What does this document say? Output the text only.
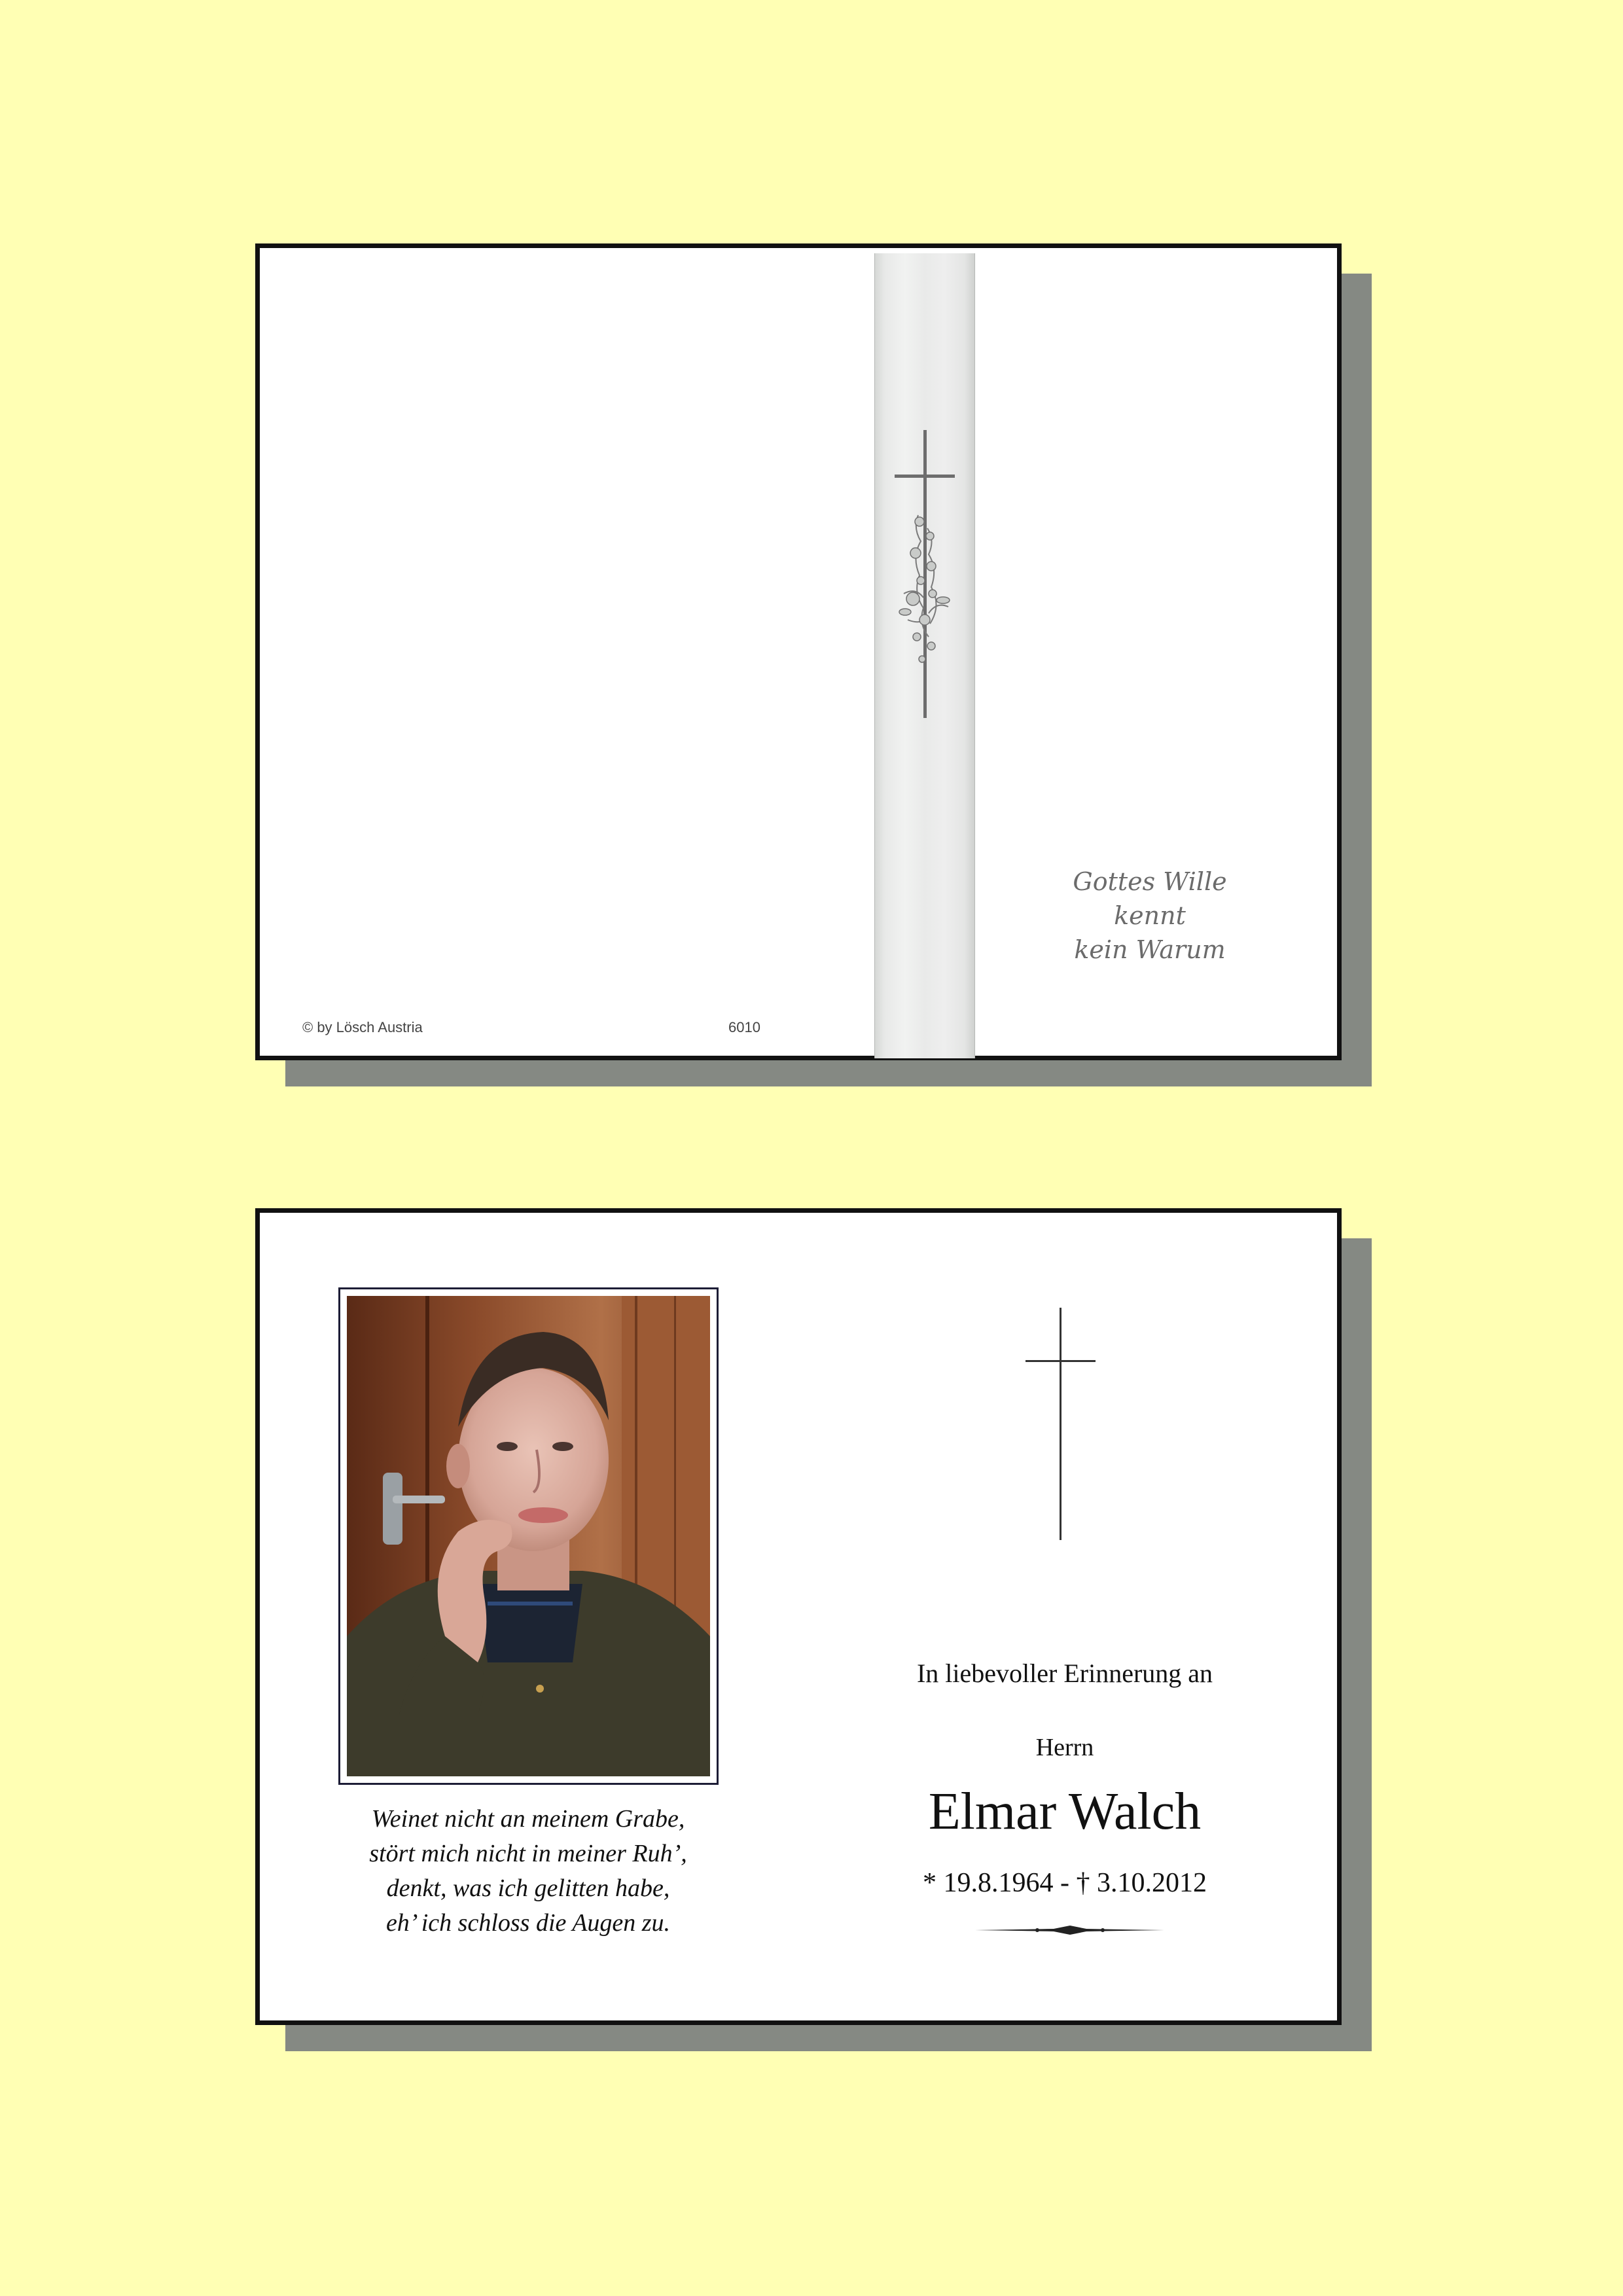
Gottes Wille
kennt
kein Warum
© by Lösch Austria	6010
Weinet nicht an meinem Grabe,
stört mich nicht in meiner Ruh’,
denkt, was ich gelitten habe,
eh’ ich schloss die Augen zu.
In liebevoller Erinnerung an
Herrn
Elmar Walch
* 19.8.1964 - † 3.10.2012
